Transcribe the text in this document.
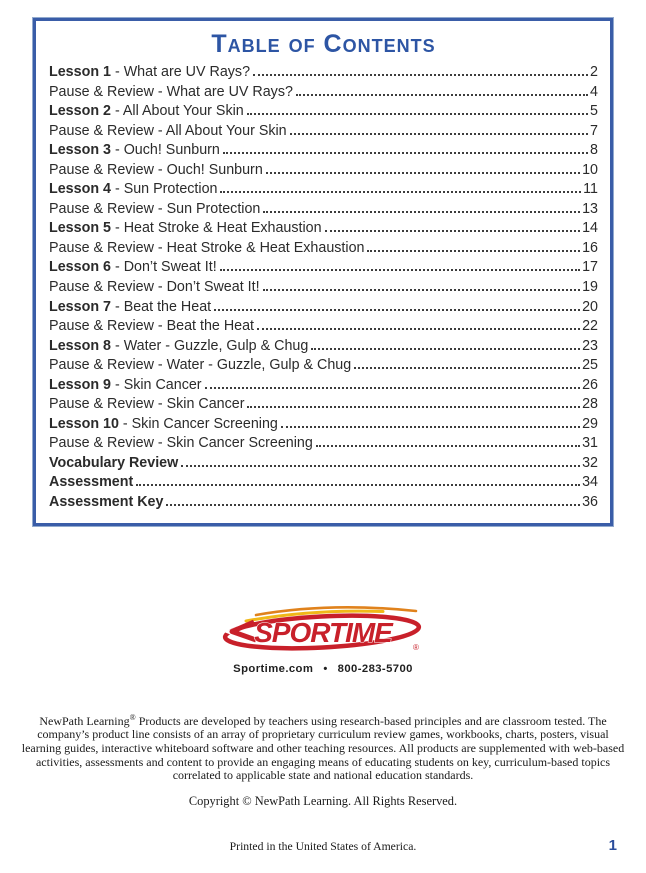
Table of Contents
Lesson 1 - What are UV Rays?	2
Pause & Review - What are UV Rays?	4
Lesson 2 - All About Your Skin	5
Pause & Review - All About Your Skin	7
Lesson 3 - Ouch! Sunburn	8
Pause & Review - Ouch! Sunburn	10
Lesson 4 - Sun Protection	11
Pause & Review - Sun Protection	13
Lesson 5 - Heat Stroke & Heat Exhaustion	14
Pause & Review - Heat Stroke & Heat Exhaustion	16
Lesson 6 - Don’t Sweat It!	17
Pause & Review - Don’t Sweat It!	19
Lesson 7 - Beat the Heat	20
Pause & Review - Beat the Heat	22
Lesson 8 - Water - Guzzle, Gulp & Chug	23
Pause & Review - Water - Guzzle, Gulp & Chug	25
Lesson 9 - Skin Cancer	26
Pause & Review - Skin Cancer	28
Lesson 10 - Skin Cancer Screening	29
Pause & Review - Skin Cancer Screening	31
Vocabulary Review	32
Assessment	34
Assessment Key	36
SPORTIME	®
Sportime.com • 800-283-5700
NewPath Learning® Products are developed by teachers using research-based principles and are classroom tested. The company’s product line consists of an array of proprietary curriculum review games, workbooks, charts, posters, visual learning guides, interactive whiteboard software and other teaching resources. All products are supplemented with web-based activities, assessments and content to provide an engaging means of educating students on key, curriculum-based topics correlated to applicable state and national education standards.
Copyright © NewPath Learning. All Rights Reserved.
Printed in the United States of America.	1
